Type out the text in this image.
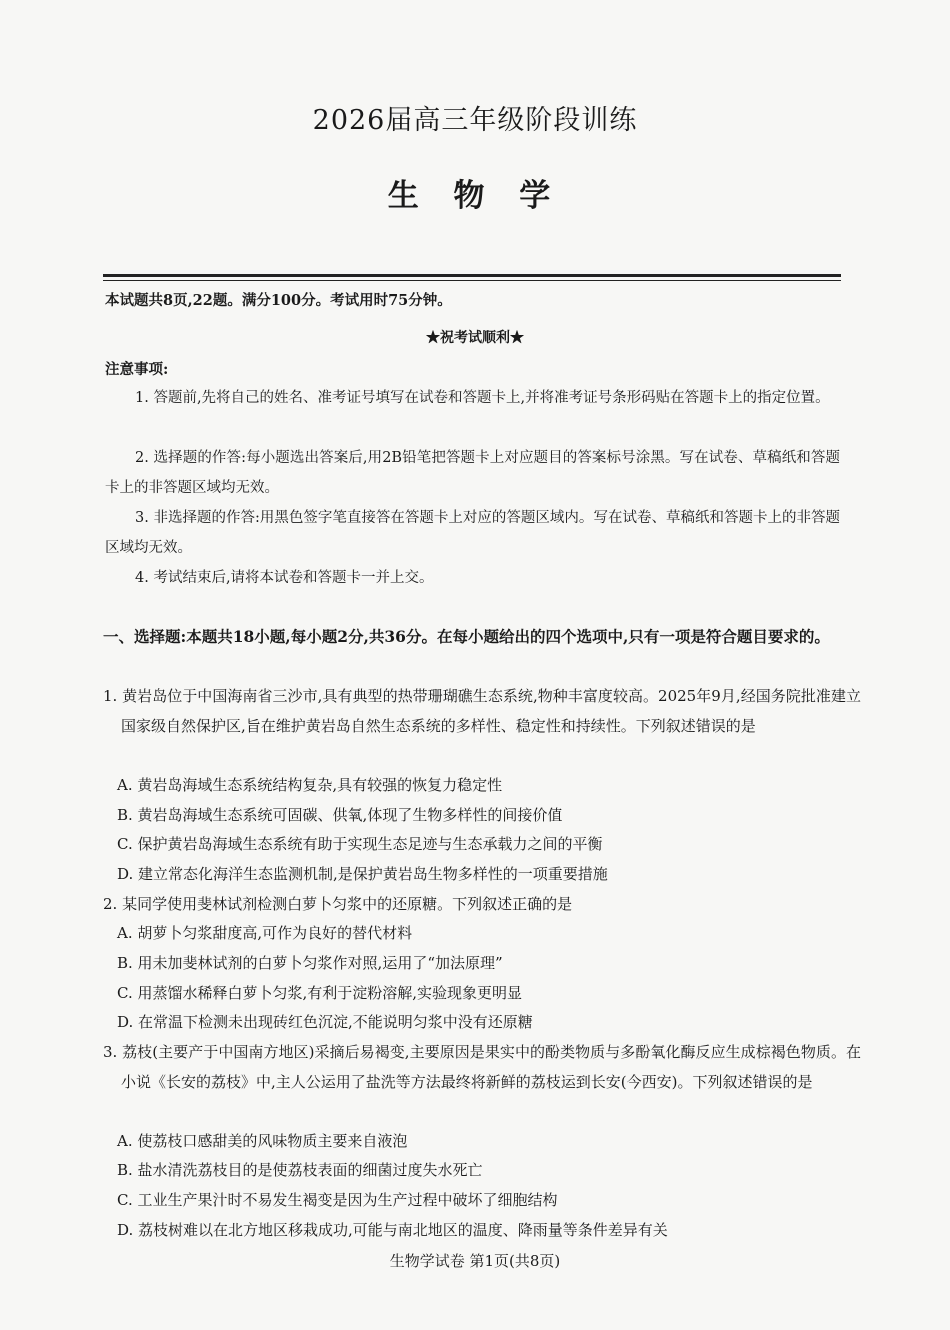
2026届高三年级阶段训练
生 物 学
本试题共8页,22题。满分100分。考试用时75分钟。
★祝考试顺利★
注意事项:
1. 答题前,先将自己的姓名、准考证号填写在试卷和答题卡上,并将准考证号条形码贴在答题卡上的指定位置。
2. 选择题的作答:每小题选出答案后,用2B铅笔把答题卡上对应题目的答案标号涂黑。写在试卷、草稿纸和答题卡上的非答题区域均无效。
3. 非选择题的作答:用黑色签字笔直接答在答题卡上对应的答题区域内。写在试卷、草稿纸和答题卡上的非答题区域均无效。
4. 考试结束后,请将本试卷和答题卡一并上交。
一、选择题:本题共18小题,每小题2分,共36分。在每小题给出的四个选项中,只有一项是符合题目要求的。
1. 黄岩岛位于中国海南省三沙市,具有典型的热带珊瑚礁生态系统,物种丰富度较高。2025年9月,经国务院批准建立国家级自然保护区,旨在维护黄岩岛自然生态系统的多样性、稳定性和持续性。下列叙述错误的是
A. 黄岩岛海域生态系统结构复杂,具有较强的恢复力稳定性
B. 黄岩岛海域生态系统可固碳、供氧,体现了生物多样性的间接价值
C. 保护黄岩岛海域生态系统有助于实现生态足迹与生态承载力之间的平衡
D. 建立常态化海洋生态监测机制,是保护黄岩岛生物多样性的一项重要措施
2. 某同学使用斐林试剂检测白萝卜匀浆中的还原糖。下列叙述正确的是
A. 胡萝卜匀浆甜度高,可作为良好的替代材料
B. 用未加斐林试剂的白萝卜匀浆作对照,运用了“加法原理”
C. 用蒸馏水稀释白萝卜匀浆,有利于淀粉溶解,实验现象更明显
D. 在常温下检测未出现砖红色沉淀,不能说明匀浆中没有还原糖
3. 荔枝(主要产于中国南方地区)采摘后易褐变,主要原因是果实中的酚类物质与多酚氧化酶反应生成棕褐色物质。在小说《长安的荔枝》中,主人公运用了盐洗等方法最终将新鲜的荔枝运到长安(今西安)。下列叙述错误的是
A. 使荔枝口感甜美的风味物质主要来自液泡
B. 盐水清洗荔枝目的是使荔枝表面的细菌过度失水死亡
C. 工业生产果汁时不易发生褐变是因为生产过程中破坏了细胞结构
D. 荔枝树难以在北方地区移栽成功,可能与南北地区的温度、降雨量等条件差异有关
生物学试卷 第1页(共8页)
